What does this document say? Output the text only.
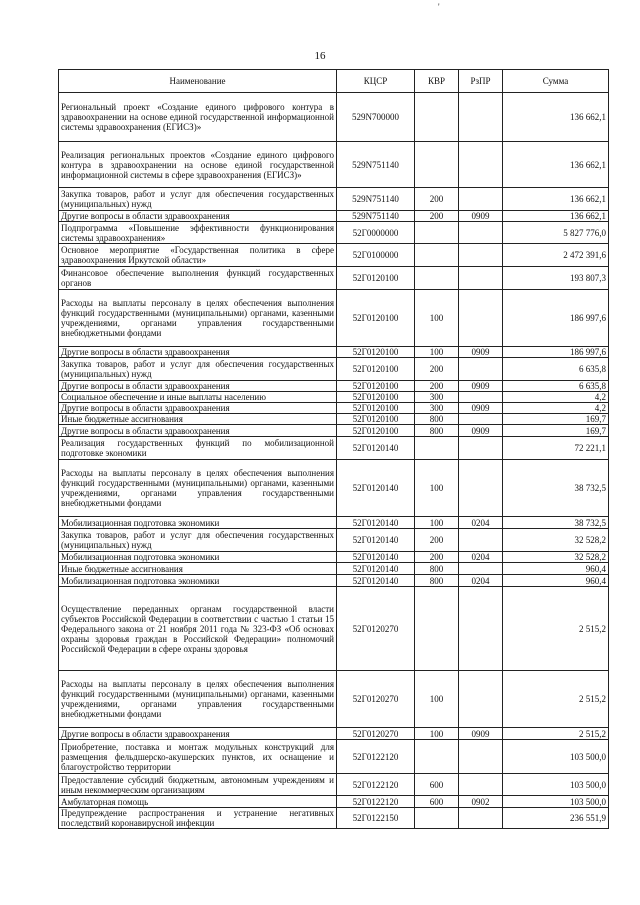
'
16
Наименование	КЦСР	КВР	РзПР	Сумма
Региональный проект «Создание единого цифрового контура в здравоохранении на основе единой государственной информационной системы здравоохранения (ЕГИСЗ)»	529N700000			136 662,1
Реализация региональных проектов «Создание единого цифрового контура в здравоохранении на основе единой государственной информационной системы в сфере здравоохранения (ЕГИСЗ)»	529N751140			136 662,1
Закупка товаров, работ и услуг для обеспечения государственных (муниципальных) нужд	529N751140	200		136 662,1
Другие вопросы в области здравоохранения	529N751140	200	0909	136 662,1
Подпрограмма «Повышение эффективности функционирования системы здравоохранения»	52Г0000000			5 827 776,0
Основное мероприятие «Государственная политика в сфере здравоохранения Иркутской области»	52Г0100000			2 472 391,6
Финансовое обеспечение выполнения функций государственных органов	52Г0120100			193 807,3
Расходы на выплаты персоналу в целях обеспечения выполнения функций государственными (муниципальными) органами, казенными учреждениями, органами управления государственными внебюджетными фондами	52Г0120100	100		186 997,6
Другие вопросы в области здравоохранения	52Г0120100	100	0909	186 997,6
Закупка товаров, работ и услуг для обеспечения государственных (муниципальных) нужд	52Г0120100	200		6 635,8
Другие вопросы в области здравоохранения	52Г0120100	200	0909	6 635,8
Социальное обеспечение и иные выплаты населению	52Г0120100	300		4,2
Другие вопросы в области здравоохранения	52Г0120100	300	0909	4,2
Иные бюджетные ассигнования	52Г0120100	800		169,7
Другие вопросы в области здравоохранения	52Г0120100	800	0909	169,7
Реализация государственных функций по мобилизационной подготовке экономики	52Г0120140			72 221,1
Расходы на выплаты персоналу в целях обеспечения выполнения функций государственными (муниципальными) органами, казенными учреждениями, органами управления государственными внебюджетными фондами	52Г0120140	100		38 732,5
Мобилизационная подготовка экономики	52Г0120140	100	0204	38 732,5
Закупка товаров, работ и услуг для обеспечения государственных (муниципальных) нужд	52Г0120140	200		32 528,2
Мобилизационная подготовка экономики	52Г0120140	200	0204	32 528,2
Иные бюджетные ассигнования	52Г0120140	800		960,4
Мобилизационная подготовка экономики	52Г0120140	800	0204	960,4
Осуществление переданных органам государственной власти субъектов Российской Федерации в соответствии с частью 1 статьи 15 Федерального закона от 21 ноября 2011 года № 323-ФЗ «Об основах охраны здоровья граждан в Российской Федерации» полномочий Российской Федерации в сфере охраны здоровья	52Г0120270			2 515,2
Расходы на выплаты персоналу в целях обеспечения выполнения функций государственными (муниципальными) органами, казенными учреждениями, органами управления государственными внебюджетными фондами	52Г0120270	100		2 515,2
Другие вопросы в области здравоохранения	52Г0120270	100	0909	2 515,2
Приобретение, поставка и монтаж модульных конструкций для размещения фельдшерско-акушерских пунктов, их оснащение и благоустройство территории	52Г0122120			103 500,0
Предоставление субсидий бюджетным, автономным учреждениям и иным некоммерческим организациям	52Г0122120	600		103 500,0
Амбулаторная помощь	52Г0122120	600	0902	103 500,0
Предупреждение распространения и устранение негативных последствий коронавирусной инфекции	52Г0122150			236 551,9
